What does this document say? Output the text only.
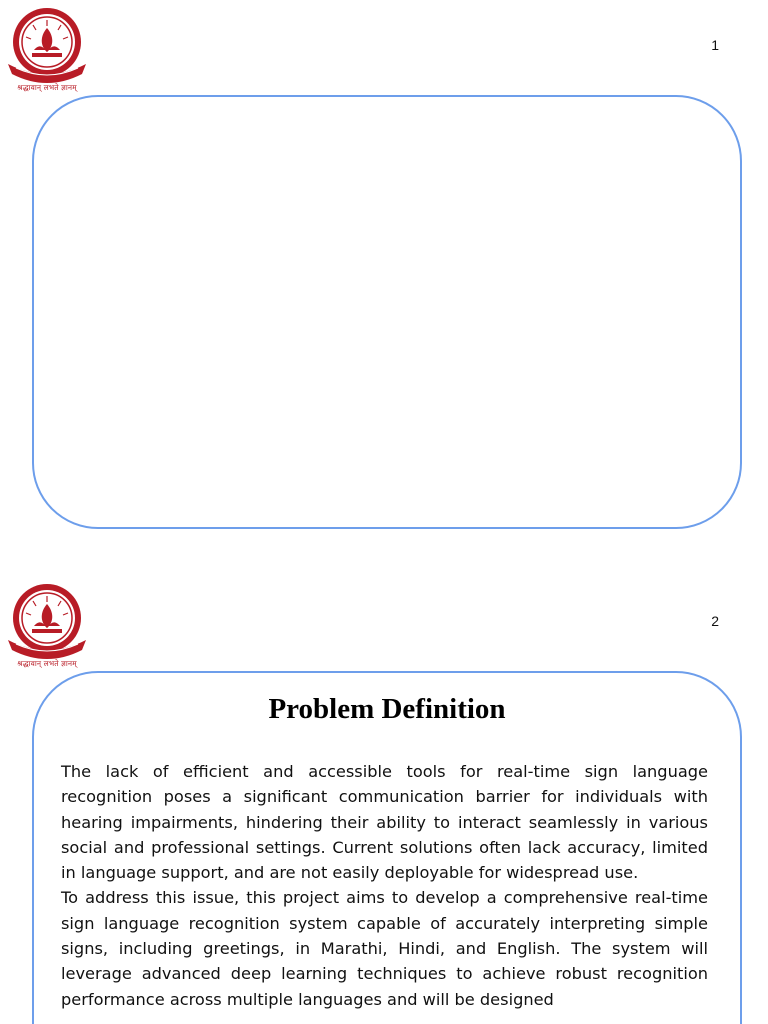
श्रद्धावान् लभते ज्ञानम्
1
श्रद्धावान् लभते ज्ञानम्
2
Problem Definition

The lack of efficient and accessible tools for real-time sign language recognition poses a significant communication barrier for individuals with hearing impairments, hindering their ability to interact seamlessly in various social and professional settings. Current solutions often lack accuracy, limited in language support, and are not easily deployable for widespread use.

To address this issue, this project aims to develop a comprehensive real-time sign language recognition system capable of accurately interpreting simple signs, including greetings, in Marathi, Hindi, and English. The system will leverage advanced deep learning techniques to achieve robust recognition performance across multiple languages and will be designed
